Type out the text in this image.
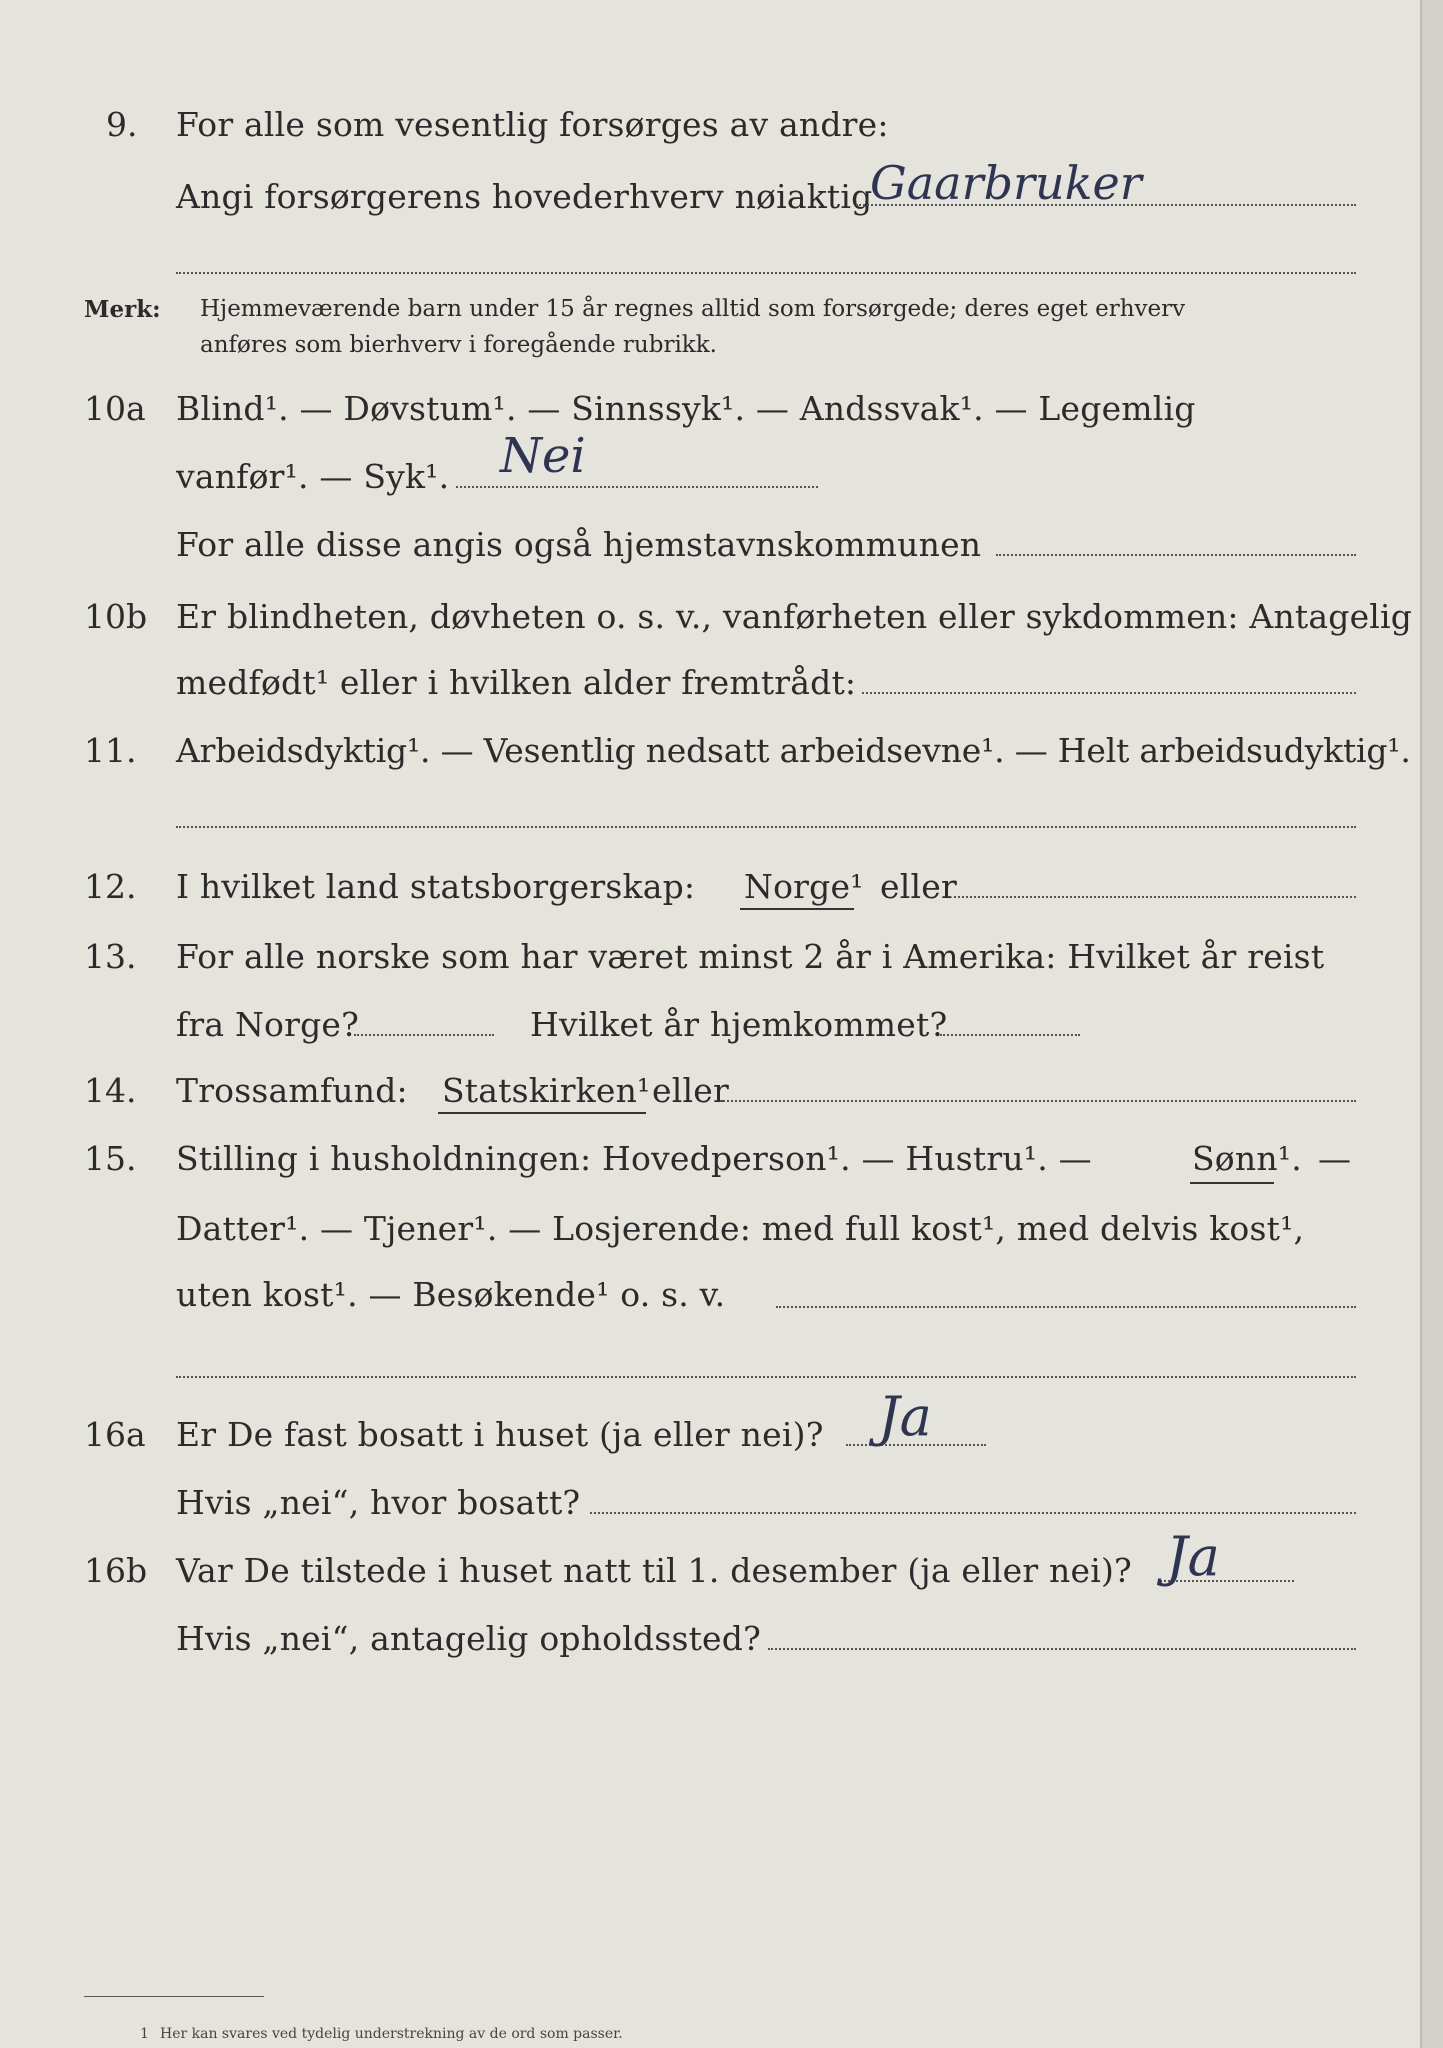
9. For alle som vesentlig forsørges av andre:
Angi forsørgerens hovederhverv nøiaktig
Gaarbruker
Merk: Hjemmeværende barn under 15 år regnes alltid som forsørgede; deres eget erhverv
anføres som bierhverv i foregående rubrikk.
10a Blind¹. — Døvstum¹. — Sinnssyk¹. — Andssvak¹. — Legemlig
vanfør¹. — Syk¹. Nei
For alle disse angis også hjemstavnskommunen
10b Er blindheten, døvheten o. s. v., vanførheten eller sykdommen: Antagelig
medfødt¹ eller i hvilken alder fremtrådt:
11. Arbeidsdyktig¹. — Vesentlig nedsatt arbeidsevne¹. — Helt arbeidsudyktig¹.
12. I hvilket land statsborgerskap: Norge¹ eller
13. For alle norske som har været minst 2 år i Amerika: Hvilket år reist
fra Norge?	Hvilket år hjemkommet?
14. Trossamfund: Statskirken¹ eller
15. Stilling i husholdningen: Hovedperson¹. — Hustru¹. —	Sønn¹. —
Datter¹. — Tjener¹. — Losjerende: med full kost¹, med delvis kost¹,
uten kost¹. — Besøkende¹ o. s. v.
16a Er De fast bosatt i huset (ja eller nei)? Ja
Hvis „nei“, hvor bosatt?
16b Var De tilstede i huset natt til 1. desember (ja eller nei)? Ja
Hvis „nei“, antagelig opholdssted?
1 Her kan svares ved tydelig understrekning av de ord som passer.
